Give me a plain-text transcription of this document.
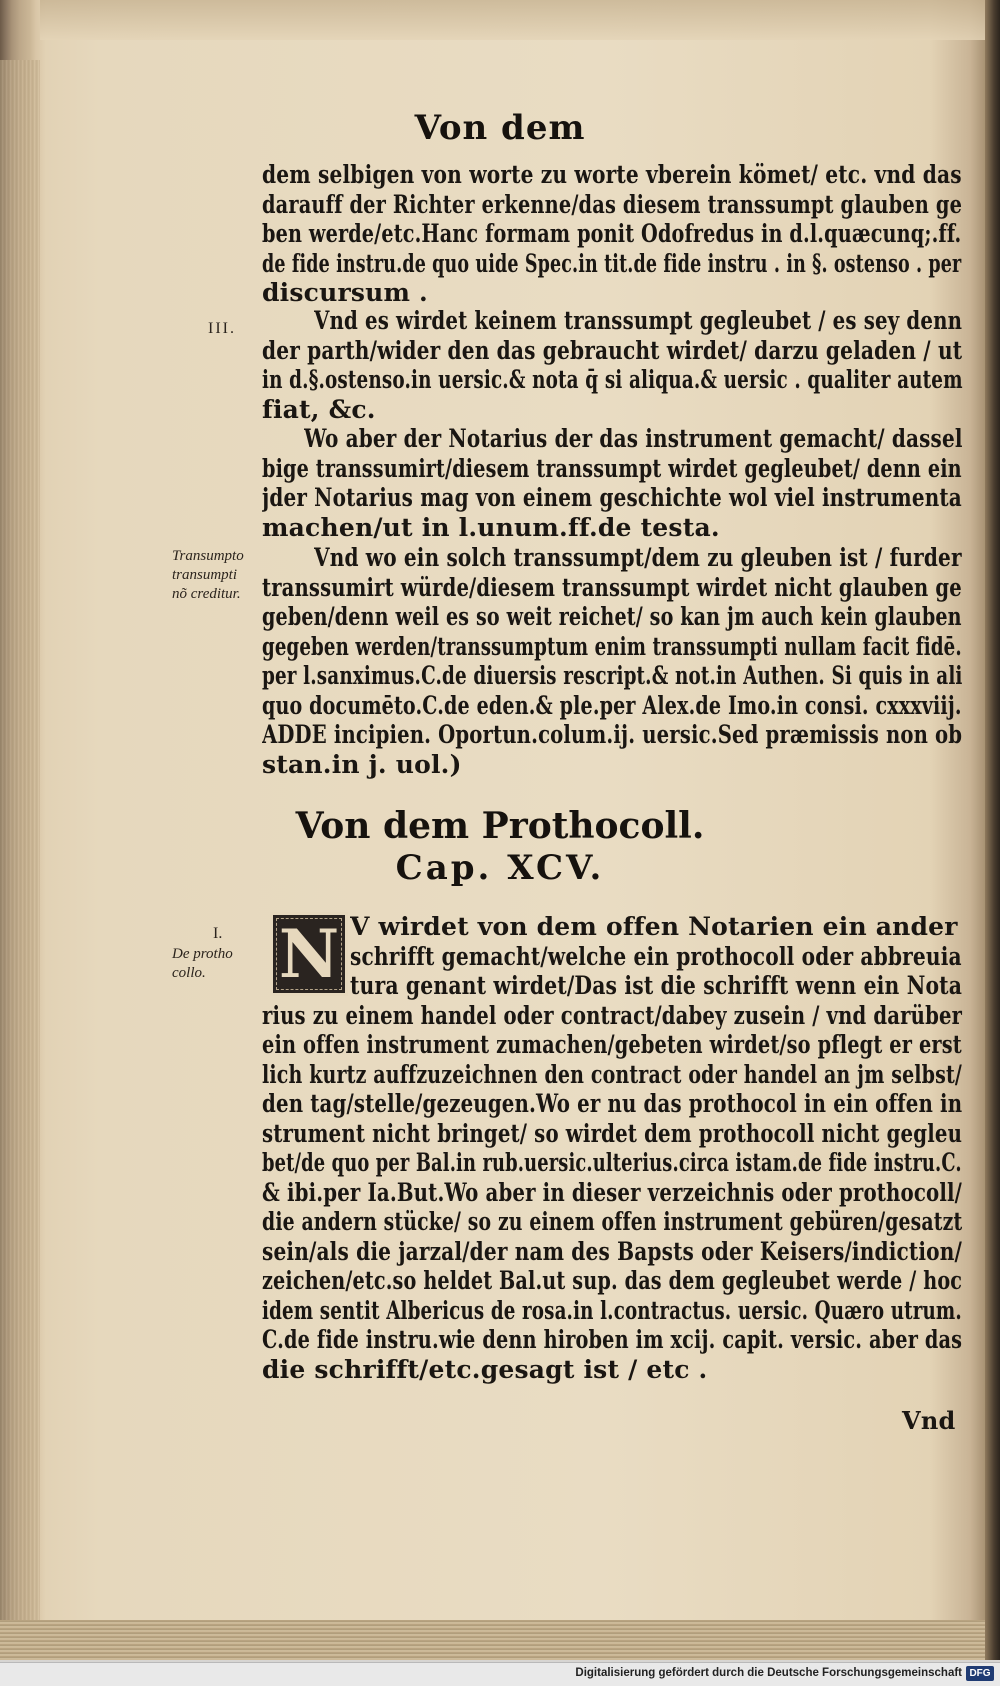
Von dem
dem selbigen von worte zu worte vberein kömet/ etc. vnd das
darauff der Richter erkenne/das diesem transsumpt glauben ge
ben werde/etc.Hanc formam ponit Odofredus in d.l.quæcunq;.ff.
de fide instru.de quo uide Spec.in tit.de fide instru . in §. ostenso . per
discursum .
Vnd es wirdet keinem transsumpt gegleubet / es sey denn
der parth/wider den das gebraucht wirdet/ darzu geladen / ut
in d.§.ostenso.in uersic.& nota q̄ si aliqua.& uersic . qualiter autem
fiat, &c.
Wo aber der Notarius der das instrument gemacht/ dassel
bige transsumirt/diesem transsumpt wirdet gegleubet/ denn ein
jder Notarius mag von einem geschichte wol viel instrumenta
machen/ut in l.unum.ff.de testa.
Vnd wo ein solch transsumpt/dem zu gleuben ist / furder
transsumirt würde/diesem transsumpt wirdet nicht glauben ge
geben/denn weil es so weit reichet/ so kan jm auch kein glauben
gegeben werden/transsumptum enim transsumpti nullam facit fidē.
per l.sanximus.C.de diuersis rescript.& not.in Authen. Si quis in ali
quo documēto.C.de eden.& ple.per Alex.de Imo.in consi. cxxxviij.
ADDE incipien. Oportun.colum.ij. uersic.Sed præmissis non ob
stan.in j. uol.)
V wirdet von dem offen Notarien ein ander
schrifft gemacht/welche ein prothocoll oder abbreuia
tura genant wirdet/Das ist die schrifft wenn ein Nota
rius zu einem handel oder contract/dabey zusein / vnd darüber
ein offen instrument zumachen/gebeten wirdet/so pflegt er erst
lich kurtz auffzuzeichnen den contract oder handel an jm selbst/
den tag/stelle/gezeugen.Wo er nu das prothocol in ein offen in
strument nicht bringet/ so wirdet dem prothocoll nicht gegleu
bet/de quo per Bal.in rub.uersic.ulterius.circa istam.de fide instru.C.
& ibi.per Ia.But.Wo aber in dieser verzeichnis oder prothocoll/
die andern stücke/ so zu einem offen instrument gebüren/gesatzt
sein/als die jarzal/der nam des Bapsts oder Keisers/indiction/
zeichen/etc.so heldet Bal.ut sup. das dem gegleubet werde / hoc
idem sentit Albericus de rosa.in l.contractus. uersic. Quæro utrum.
C.de fide instru.wie denn hiroben im xcij. capit. versic. aber das
die schrifft/etc.gesagt ist / etc .
Von dem Prothocoll.
Cap. XCV.
N
III.
I.
Transumpto
transumpti
nõ creditur.
De protho
collo.
Vnd
Digitalisierung gefördert durch die Deutsche Forschungsgemeinschaft DFG
